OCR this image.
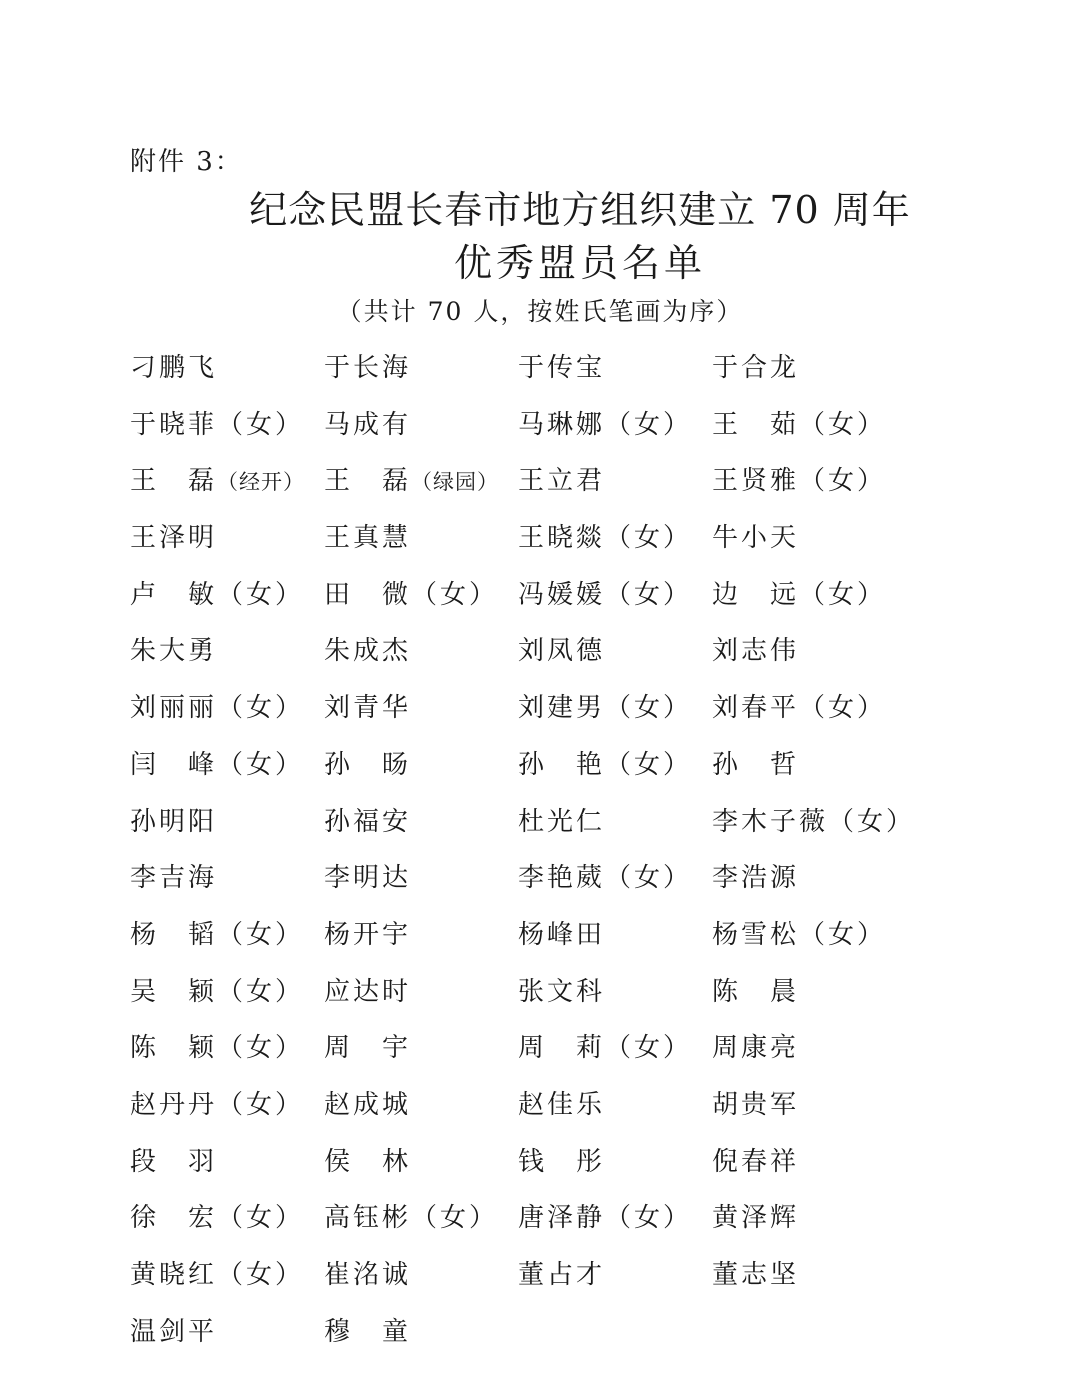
附件 3：
纪念民盟长春市地方组织建立 70 周年
优秀盟员名单
（共计 70 人，按姓氏笔画为序）
刁鹏飞	于长海	于传宝	于合龙
于晓菲（女） 马成有	马琳娜（女） 王　茹（女）
王　磊（经开） 王　磊（绿园） 王立君	王贤雅（女）
王泽明	王真慧	王晓燚（女） 牛小天
卢　敏（女） 田　微（女） 冯媛媛（女） 边　远（女）
朱大勇	朱成杰	刘凤德	刘志伟
刘丽丽（女） 刘青华	刘建男（女） 刘春平（女）
闫　峰（女） 孙　旸	孙　艳（女） 孙　哲
孙明阳	孙福安	杜光仁	李木子薇（女）
李吉海	李明达	李艳葳（女） 李浩源
杨　韬（女） 杨开宇	杨峰田	杨雪松（女）
吴　颖（女） 应达时	张文科	陈　晨
陈　颖（女） 周　宇	周　莉（女） 周康亮
赵丹丹（女） 赵成城	赵佳乐	胡贵军
段　羽	侯　林	钱　彤	倪春祥
徐　宏（女） 高钰彬（女） 唐泽静（女） 黄泽辉
黄晓红（女） 崔洺诚	董占才	董志坚
温剑平	穆　童
